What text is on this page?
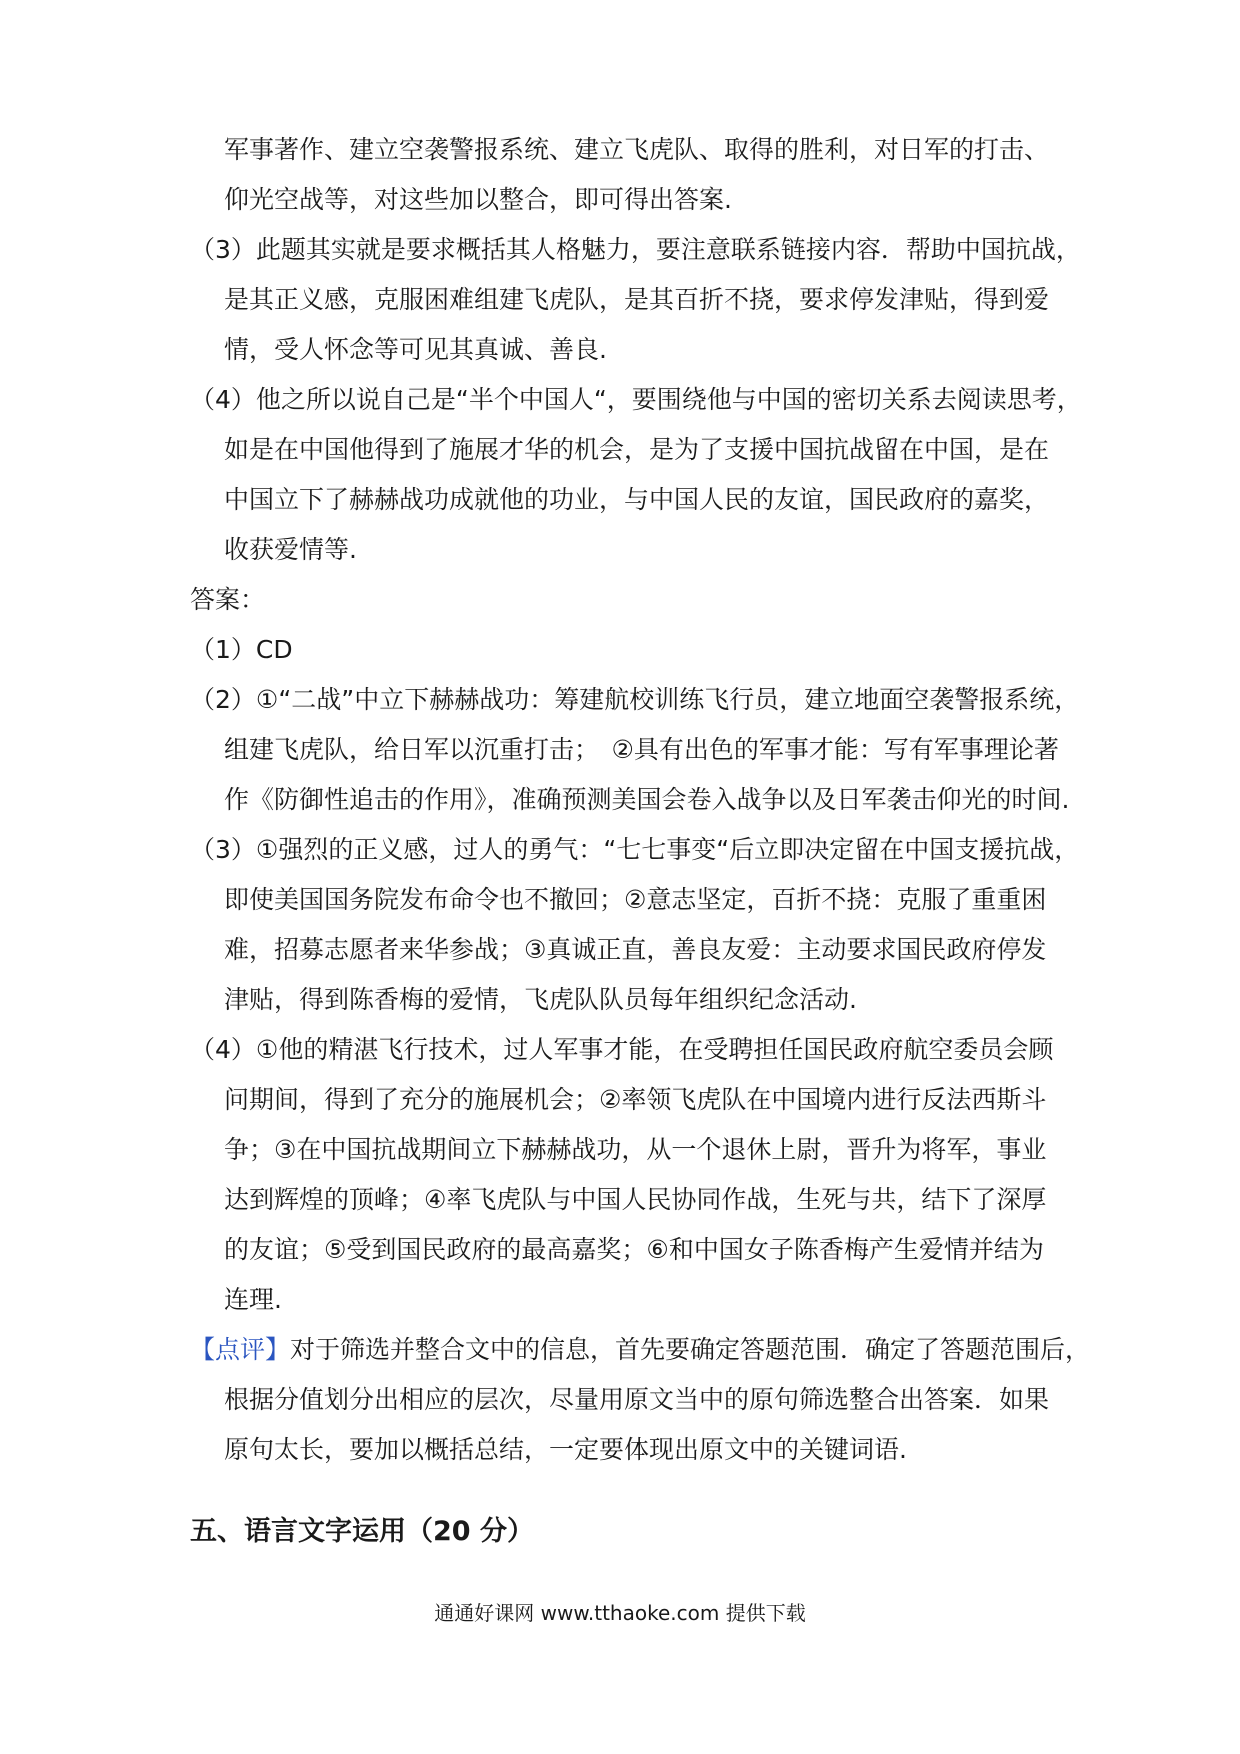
军事著作、建立空袭警报系统、建立飞虎队、取得的胜利，对日军的打击、
仰光空战等，对这些加以整合，即可得出答案.
（3）此题其实就是要求概括其人格魅力，要注意联系链接内容．帮助中国抗战，
是其正义感，克服困难组建飞虎队，是其百折不挠，要求停发津贴，得到爱
情，受人怀念等可见其真诚、善良.
（4）他之所以说自己是“半个中国人“，要围绕他与中国的密切关系去阅读思考，
如是在中国他得到了施展才华的机会，是为了支援中国抗战留在中国，是在
中国立下了赫赫战功成就他的功业，与中国人民的友谊，国民政府的嘉奖，
收获爱情等.
答案：
（1）CD
（2）①“二战”中立下赫赫战功：筹建航校训练飞行员，建立地面空袭警报系统，
组建飞虎队，给日军以沉重打击；　②具有出色的军事才能：写有军事理论著
作《防御性追击的作用》，准确预测美国会卷入战争以及日军袭击仰光的时间.
（3）①强烈的正义感，过人的勇气：“七七事变“后立即决定留在中国支援抗战，
即使美国国务院发布命令也不撤回；②意志坚定，百折不挠：克服了重重困
难，招募志愿者来华参战；③真诚正直，善良友爱：主动要求国民政府停发
津贴，得到陈香梅的爱情，飞虎队队员每年组织纪念活动.
（4）①他的精湛飞行技术，过人军事才能，在受聘担任国民政府航空委员会顾
问期间，得到了充分的施展机会；②率领飞虎队在中国境内进行反法西斯斗
争；③在中国抗战期间立下赫赫战功，从一个退休上尉，晋升为将军，事业
达到辉煌的顶峰；④率飞虎队与中国人民协同作战，生死与共，结下了深厚
的友谊；⑤受到国民政府的最高嘉奖；⑥和中国女子陈香梅产生爱情并结为
连理.
【点评】对于筛选并整合文中的信息，首先要确定答题范围．确定了答题范围后，
根据分值划分出相应的层次，尽量用原文当中的原句筛选整合出答案．如果
原句太长，要加以概括总结，一定要体现出原文中的关键词语.
五、语言文字运用（20 分）
通通好课网 www.tthaoke.com 提供下载
